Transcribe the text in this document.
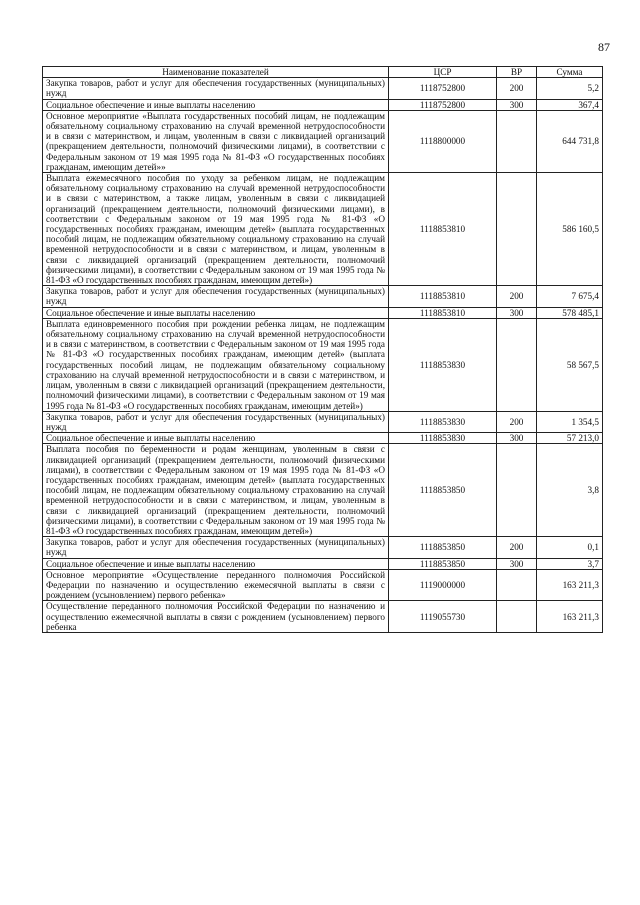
87
Наименование показателей	ЦСР	ВР	Сумма
Закупка товаров, работ и услуг для обеспечения государственных (муниципальных) нужд	1118752800	200	5,2
Социальное обеспечение и иные выплаты населению	1118752800	300	367,4
Основное мероприятие «Выплата государственных пособий лицам, не подлежащим обязательному социальному страхованию на случай временной нетрудоспособности и в связи с материнством, и лицам, уволенным в связи с ликвидацией организаций (прекращением деятельности, полномочий физическими лицами), в соответствии с Федеральным законом от 19 мая 1995 года № 81-ФЗ «О государственных пособиях гражданам, имеющим детей»»	1118800000		644 731,8
Выплата ежемесячного пособия по уходу за ребенком лицам, не подлежащим обязательному социальному страхованию на случай временной нетрудоспособности и в связи с материнством, а также лицам, уволенным в связи с ликвидацией организаций (прекращением деятельности, полномочий физическими лицами), в соответствии с Федеральным законом от 19 мая 1995 года № 81-ФЗ «О государственных пособиях гражданам, имеющим детей» (выплата государственных пособий лицам, не подлежащим обязательному социальному страхованию на случай временной нетрудоспособности и в связи с материнством, и лицам, уволенным в связи с ликвидацией организаций (прекращением деятельности, полномочий физическими лицами), в соответствии с Федеральным законом от 19 мая 1995 года № 81-ФЗ «О государственных пособиях гражданам, имеющим детей»)	1118853810		586 160,5
Закупка товаров, работ и услуг для обеспечения государственных (муниципальных) нужд	1118853810	200	7 675,4
Социальное обеспечение и иные выплаты населению	1118853810	300	578 485,1
Выплата единовременного пособия при рождении ребенка лицам, не подлежащим обязательному социальному страхованию на случай временной нетрудоспособности и в связи с материнством, в соответствии с Федеральным законом от 19 мая 1995 года № 81-ФЗ «О государственных пособиях гражданам, имеющим детей» (выплата государственных пособий лицам, не подлежащим обязательному социальному страхованию на случай временной нетрудоспособности и в связи с материнством, и лицам, уволенным в связи с ликвидацией организаций (прекращением деятельности, полномочий физическими лицами), в соответствии с Федеральным законом от 19 мая 1995 года № 81-ФЗ «О государственных пособиях гражданам, имеющим детей»)	1118853830		58 567,5
Закупка товаров, работ и услуг для обеспечения государственных (муниципальных) нужд	1118853830	200	1 354,5
Социальное обеспечение и иные выплаты населению	1118853830	300	57 213,0
Выплата пособия по беременности и родам женщинам, уволенным в связи с ликвидацией организаций (прекращением деятельности, полномочий физическими лицами), в соответствии с Федеральным законом от 19 мая 1995 года № 81-ФЗ «О государственных пособиях гражданам, имеющим детей» (выплата государственных пособий лицам, не подлежащим обязательному социальному страхованию на случай временной нетрудоспособности и в связи с материнством, и лицам, уволенным в связи с ликвидацией организаций (прекращением деятельности, полномочий физическими лицами), в соответствии с Федеральным законом от 19 мая 1995 года № 81-ФЗ «О государственных пособиях гражданам, имеющим детей»)	1118853850		3,8
Закупка товаров, работ и услуг для обеспечения государственных (муниципальных) нужд	1118853850	200	0,1
Социальное обеспечение и иные выплаты населению	1118853850	300	3,7
Основное мероприятие «Осуществление переданного полномочия Российской Федерации по назначению и осуществлению ежемесячной выплаты в связи с рождением (усыновлением) первого ребенка»	1119000000		163 211,3
Осуществление переданного полномочия Российской Федерации по назначению и осуществлению ежемесячной выплаты в связи с рождением (усыновлением) первого ребенка	1119055730		163 211,3
